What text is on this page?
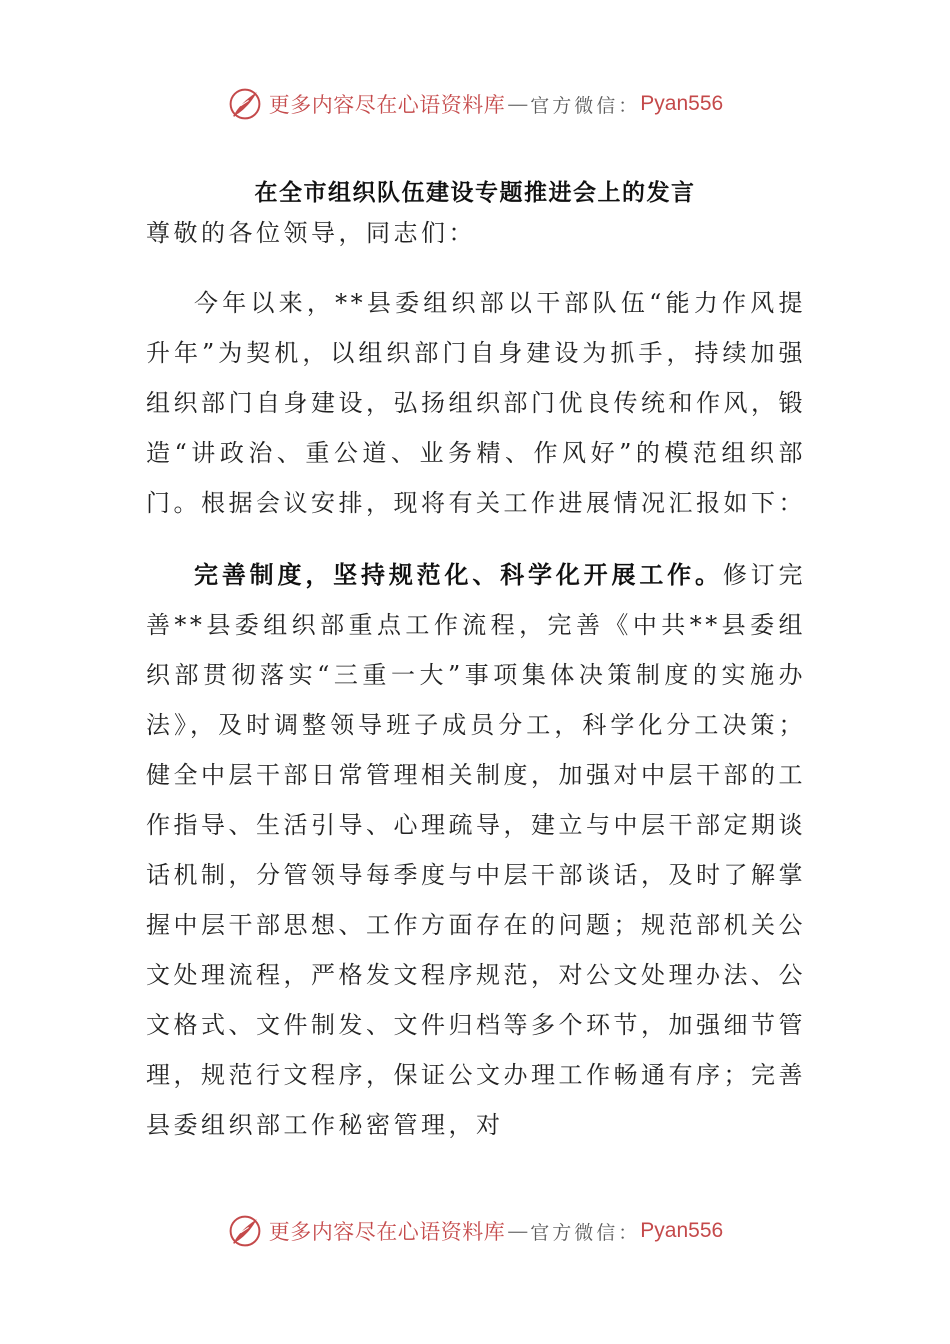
更多内容尽在心语资料库 — 官方微信： Pyan556
在全市组织队伍建设专题推进会上的发言

尊敬的各位领导，同志们：

今年以来，**县委组织部以干部队伍“能力作风提升年”为契机，以组织部门自身建设为抓手，持续加强组织部门自身建设，弘扬组织部门优良传统和作风，锻造“讲政治、重公道、业务精、作风好”的模范组织部门。根据会议安排，现将有关工作进展情况汇报如下：

完善制度，坚持规范化、科学化开展工作。修订完善**县委组织部重点工作流程，完善《中共**县委组织部贯彻落实“三重一大”事项集体决策制度的实施办法》，及时调整领导班子成员分工，科学化分工决策；健全中层干部日常管理相关制度，加强对中层干部的工作指导、生活引导、心理疏导，建立与中层干部定期谈话机制，分管领导每季度与中层干部谈话，及时了解掌握中层干部思想、工作方面存在的问题；规范部机关公文处理流程，严格发文程序规范，对公文处理办法、公文格式、文件制发、文件归档等多个环节，加强细节管理，规范行文程序，保证公文办理工作畅通有序；完善县委组织部工作秘密管理，对

更多内容尽在心语资料库 — 官方微信： Pyan556
